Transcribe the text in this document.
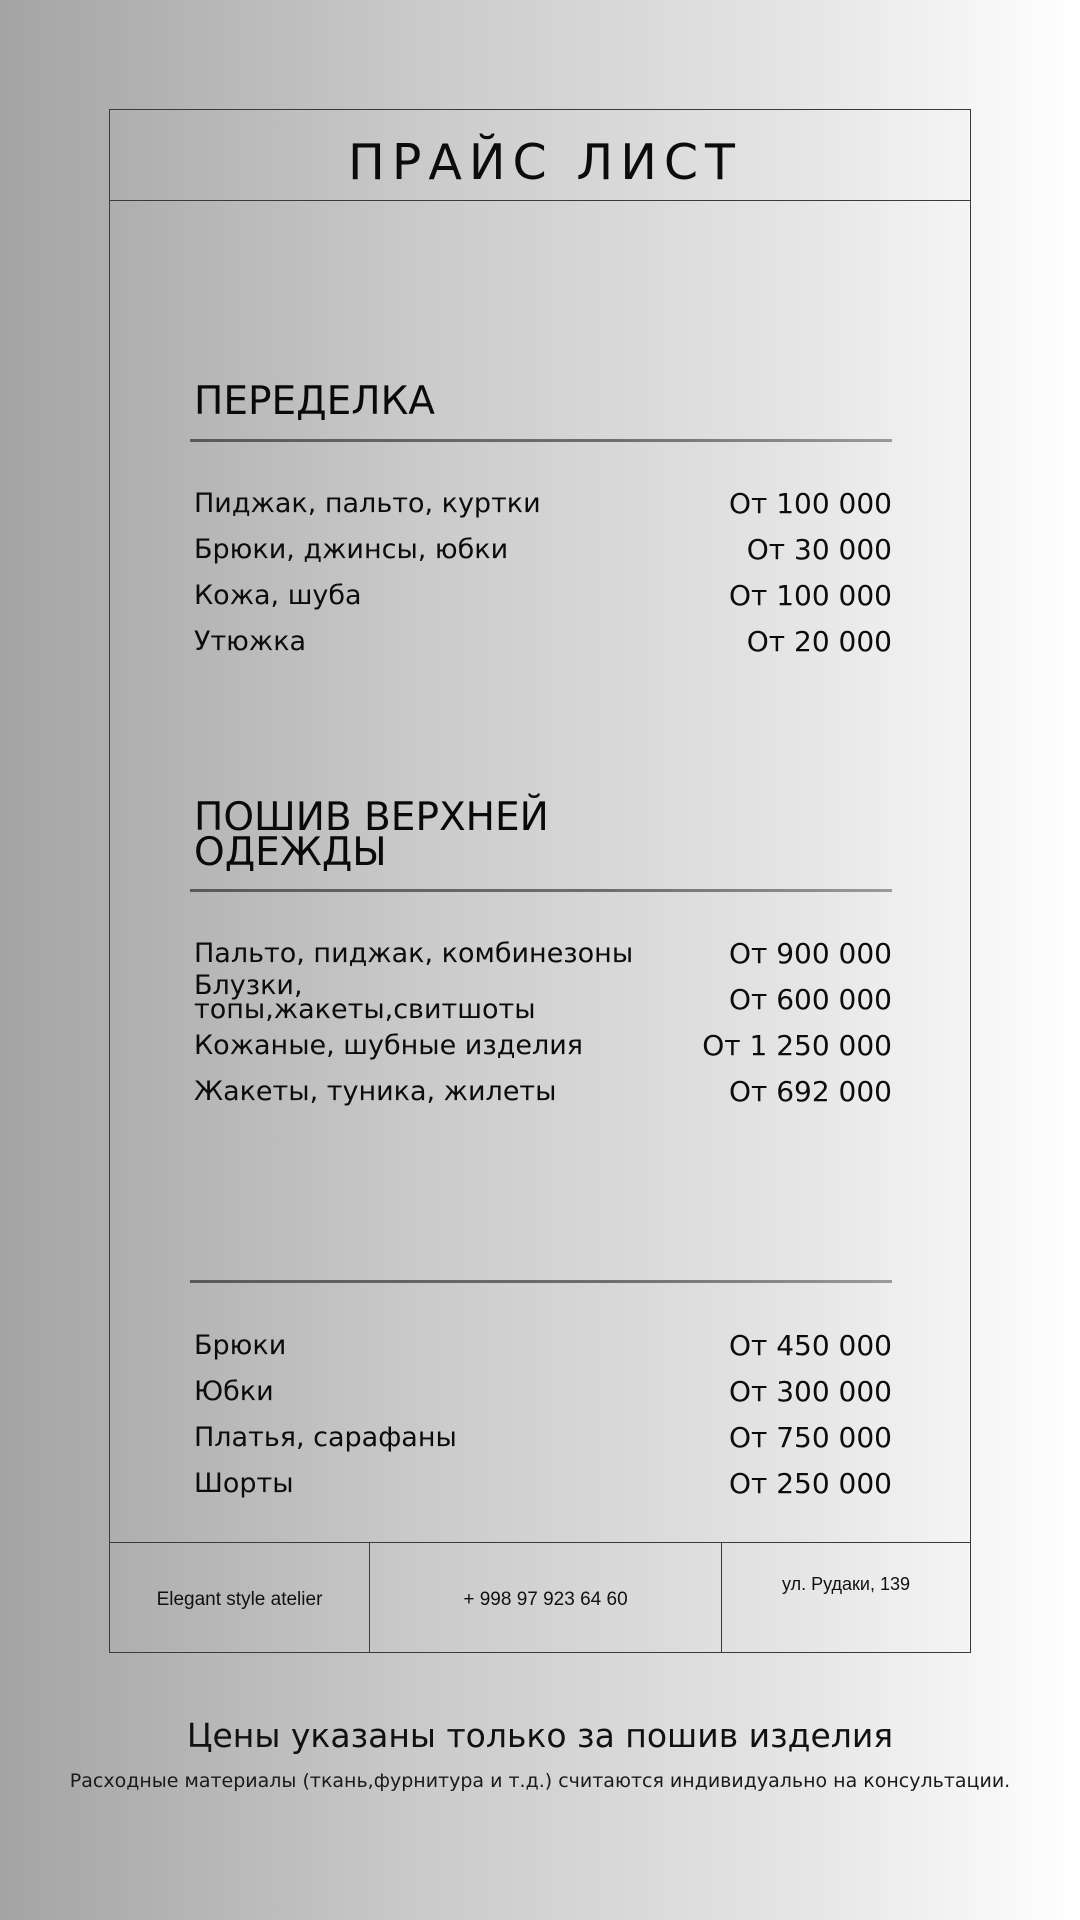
ПРАЙС ЛИСТ
ПЕРЕДЕЛКА
Пиджак, пальто, куртки	От 100 000
Брюки, джинсы, юбки	От 30 000
Кожа, шуба	От 100 000
Утюжка	От 20 000
ПОШИВ ВЕРХНЕЙ
ОДЕЖДЫ
Пальто, пиджак, комбинезоны	От 900 000
Блузки, топы,жакеты,свитшоты	От 600 000
Кожаные, шубные изделия	От 1 250 000
Жакеты, туника, жилеты	От 692 000
Брюки	От 450 000
Юбки	От 300 000
Платья, сарафаны	От 750 000
Шорты	От 250 000
Elegant style atelier	+ 998 97 923 64 60
ул. Рудаки, 139
Цены указаны только за пошив изделия
Расходные материалы (ткань,фурнитура и т.д.) считаются индивидуально на консультации.
